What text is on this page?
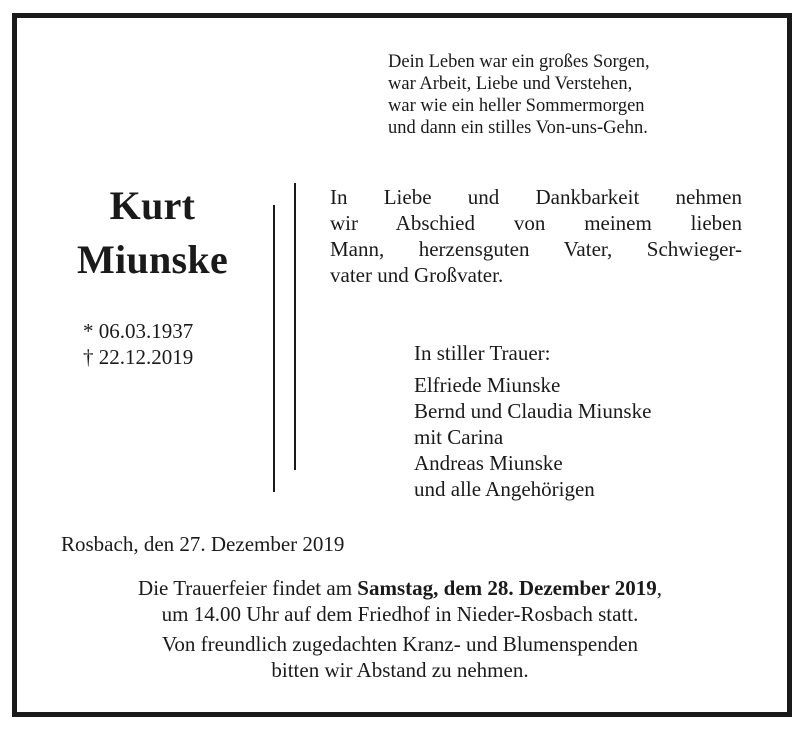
Dein Leben war ein großes Sorgen,
war Arbeit, Liebe und Verstehen,
war wie ein heller Sommermorgen
und dann ein stilles Von-uns-Gehn.
Kurt
Miunske
* 06.03.1937
† 22.12.2019
In Liebe und Dankbarkeit nehmen
wir Abschied von meinem lieben
Mann, herzensguten Vater, Schwieger-
vater und Großvater.
In stiller Trauer:
Elfriede Miunske
Bernd und Claudia Miunske
mit Carina
Andreas Miunske
und alle Angehörigen
Rosbach, den 27. Dezember 2019
Die Trauerfeier findet am Samstag, dem 28. Dezember 2019,
um 14.00 Uhr auf dem Friedhof in Nieder-Rosbach statt.
Von freundlich zugedachten Kranz- und Blumenspenden
bitten wir Abstand zu nehmen.
